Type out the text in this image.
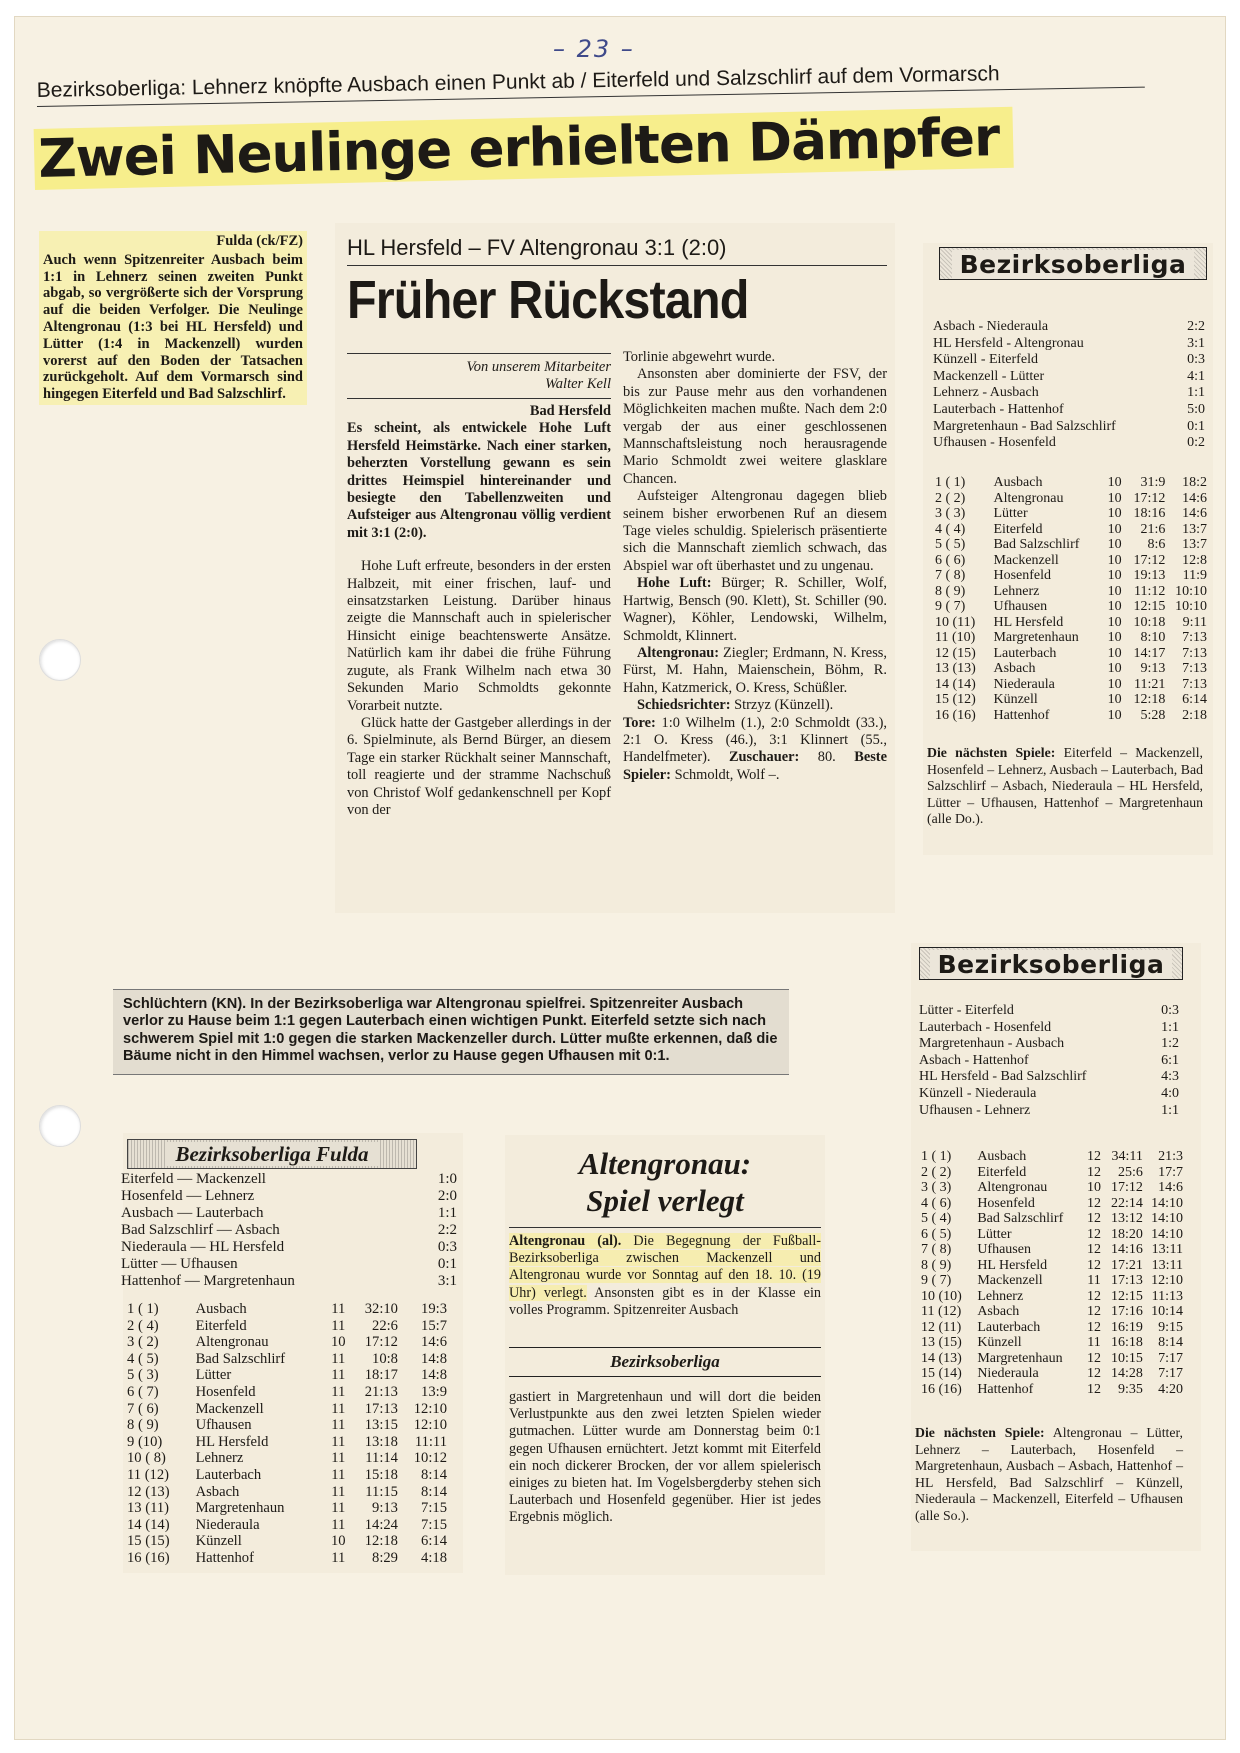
– 23 –
Bezirksoberliga: Lehnerz knöpfte Ausbach einen Punkt ab / Eiterfeld und Salzschlirf auf dem Vormarsch
Zwei Neulinge erhielten Dämpfer
Fulda (ck/FZ)
Auch wenn Spitzenreiter Ausbach beim 1:1 in Lehnerz seinen zweiten Punkt abgab, so vergrößerte sich der Vorsprung auf die beiden Verfolger. Die Neulinge Altengronau (1:3 bei HL Hersfeld) und Lütter (1:4 in Mackenzell) wurden vorerst auf den Boden der Tatsachen zurückgeholt. Auf dem Vormarsch sind hingegen Eiterfeld und Bad Salzschlirf.
HL Hersfeld – FV Altengronau 3:1 (2:0)
Früher Rückstand
Von unserem Mitarbeiter
Walter Kell
Bad Hersfeld

Es scheint, als entwickele Hohe Luft Hersfeld Heimstärke. Nach einer starken, beherzten Vorstellung gewann es sein drittes Heimspiel hintereinander und besiegte den Tabellenzweiten und Aufsteiger aus Altengronau völlig verdient mit 3:1 (2:0).

Hohe Luft erfreute, besonders in der ersten Halbzeit, mit einer frischen, lauf- und einsatzstarken Leistung. Darüber hinaus zeigte die Mannschaft auch in spielerischer Hinsicht einige beachtenswerte Ansätze. Natürlich kam ihr dabei die frühe Führung zugute, als Frank Wilhelm nach etwa 30 Sekunden Mario Schmoldts gekonnte Vorarbeit nutzte.

Glück hatte der Gastgeber allerdings in der 6. Spielminute, als Bernd Bürger, an diesem Tage ein starker Rückhalt seiner Mannschaft, toll reagierte und der stramme Nachschuß von Christof Wolf gedankenschnell per Kopf von der

Torlinie abgewehrt wurde.

Ansonsten aber dominierte der FSV, der bis zur Pause mehr aus den vorhandenen Möglichkeiten machen mußte. Nach dem 2:0 vergab der aus einer geschlossenen Mannschaftsleistung noch herausragende Mario Schmoldt zwei weitere glasklare Chancen.

Aufsteiger Altengronau dagegen blieb seinem bisher erworbenen Ruf an diesem Tage vieles schuldig. Spielerisch präsentierte sich die Mannschaft ziemlich schwach, das Abspiel war oft überhastet und zu ungenau.

Hohe Luft: Bürger; R. Schiller, Wolf, Hartwig, Bensch (90. Klett), St. Schiller (90. Wagner), Köhler, Lendowski, Wilhelm, Schmoldt, Klinnert.

Altengronau: Ziegler; Erdmann, N. Kress, Fürst, M. Hahn, Maienschein, Böhm, R. Hahn, Katzmerick, O. Kress, Schüßler.

Schiedsrichter: Strzyz (Künzell).

Tore: 1:0 Wilhelm (1.), 2:0 Schmoldt (33.), 2:1 O. Kress (46.), 3:1 Klinnert (55., Handelfmeter). Zuschauer: 80. Beste Spieler: Schmoldt, Wolf –.

Bezirksoberliga
Asbach - Niederaula	2:2
HL Hersfeld - Altengronau	3:1
Künzell - Eiterfeld	0:3
Mackenzell - Lütter	4:1
Lehnerz - Ausbach	1:1
Lauterbach - Hattenhof	5:0
Margretenhaun - Bad Salzschlirf	0:1
Ufhausen - Hosenfeld	0:2
1 ( 1)	Ausbach	10	31:9	18:2
2 ( 2)	Altengronau	10	17:12	14:6
3 ( 3)	Lütter	10	18:16	14:6
4 ( 4)	Eiterfeld	10	21:6	13:7
5 ( 5)	Bad Salzschlirf	10	8:6	13:7
6 ( 6)	Mackenzell	10	17:12	12:8
7 ( 8)	Hosenfeld	10	19:13	11:9
8 ( 9)	Lehnerz	10	11:12	10:10
9 ( 7)	Ufhausen	10	12:15	10:10
10 (11)	HL Hersfeld	10	10:18	9:11
11 (10)	Margretenhaun	10	8:10	7:13
12 (15)	Lauterbach	10	14:17	7:13
13 (13)	Asbach	10	9:13	7:13
14 (14)	Niederaula	10	11:21	7:13
15 (12)	Künzell	10	12:18	6:14
16 (16)	Hattenhof	10	5:28	2:18
Die nächsten Spiele: Eiterfeld – Mackenzell, Hosenfeld – Lehnerz, Ausbach – Lauterbach, Bad Salzschlirf – Asbach, Niederaula – HL Hersfeld, Lütter – Ufhausen, Hattenhof – Margretenhaun (alle Do.).
Schlüchtern (KN). In der Bezirksoberliga war Altengronau spielfrei. Spitzenreiter Ausbach verlor zu Hause beim 1:1 gegen Lauterbach einen wichtigen Punkt. Eiterfeld setzte sich nach schwerem Spiel mit 1:0 gegen die starken Mackenzeller durch. Lütter mußte erkennen, daß die Bäume nicht in den Himmel wachsen, verlor zu Hause gegen Ufhausen mit 0:1.
Bezirksoberliga
Lütter - Eiterfeld	0:3
Lauterbach - Hosenfeld	1:1
Margretenhaun - Ausbach	1:2
Asbach - Hattenhof	6:1
HL Hersfeld - Bad Salzschlirf	4:3
Künzell - Niederaula	4:0
Ufhausen - Lehnerz	1:1
1 ( 1)	Ausbach	12	34:11	21:3
2 ( 2)	Eiterfeld	12	25:6	17:7
3 ( 3)	Altengronau	10	17:12	14:6
4 ( 6)	Hosenfeld	12	22:14	14:10
5 ( 4)	Bad Salzschlirf	12	13:12	14:10
6 ( 5)	Lütter	12	18:20	14:10
7 ( 8)	Ufhausen	12	14:16	13:11
8 ( 9)	HL Hersfeld	12	17:21	13:11
9 ( 7)	Mackenzell	11	17:13	12:10
10 (10)	Lehnerz	12	12:15	11:13
11 (12)	Asbach	12	17:16	10:14
12 (11)	Lauterbach	12	16:19	9:15
13 (15)	Künzell	11	16:18	8:14
14 (13)	Margretenhaun	12	10:15	7:17
15 (14)	Niederaula	12	14:28	7:17
16 (16)	Hattenhof	12	9:35	4:20
Die nächsten Spiele: Altengronau – Lütter, Lehnerz – Lauterbach, Hosenfeld – Margretenhaun, Ausbach – Asbach, Hattenhof – HL Hersfeld, Bad Salzschlirf – Künzell, Niederaula – Mackenzell, Eiterfeld – Ufhausen (alle So.).
Bezirksoberliga Fulda
Eiterfeld — Mackenzell	1:0
Hosenfeld — Lehnerz	2:0
Ausbach — Lauterbach	1:1
Bad Salzschlirf — Asbach	2:2
Niederaula — HL Hersfeld	0:3
Lütter — Ufhausen	0:1
Hattenhof — Margretenhaun	3:1
1 ( 1)	Ausbach	11	32:10	19:3
2 ( 4)	Eiterfeld	11	22:6	15:7
3 ( 2)	Altengronau	10	17:12	14:6
4 ( 5)	Bad Salzschlirf	11	10:8	14:8
5 ( 3)	Lütter	11	18:17	14:8
6 ( 7)	Hosenfeld	11	21:13	13:9
7 ( 6)	Mackenzell	11	17:13	12:10
8 ( 9)	Ufhausen	11	13:15	12:10
9 (10)	HL Hersfeld	11	13:18	11:11
10 ( 8)	Lehnerz	11	11:14	10:12
11 (12)	Lauterbach	11	15:18	8:14
12 (13)	Asbach	11	11:15	8:14
13 (11)	Margretenhaun	11	9:13	7:15
14 (14)	Niederaula	11	14:24	7:15
15 (15)	Künzell	10	12:18	6:14
16 (16)	Hattenhof	11	8:29	4:18
Altengronau:
Spiel verlegt
Altengronau (al). Die Begegnung der Fußball-Bezirksoberliga zwischen Mackenzell und Altengronau wurde vor Sonntag auf den 18. 10. (19 Uhr) verlegt. Ansonsten gibt es in der Klasse ein volles Programm. Spitzenreiter Ausbach
Bezirksoberliga
gastiert in Margretenhaun und will dort die beiden Verlustpunkte aus den zwei letzten Spielen wieder gutmachen. Lütter wurde am Donnerstag beim 0:1 gegen Ufhausen ernüchtert. Jetzt kommt mit Eiterfeld ein noch dickerer Brocken, der vor allem spielerisch einiges zu bieten hat. Im Vogelsbergderby stehen sich Lauterbach und Hosenfeld gegenüber. Hier ist jedes Ergebnis möglich.
